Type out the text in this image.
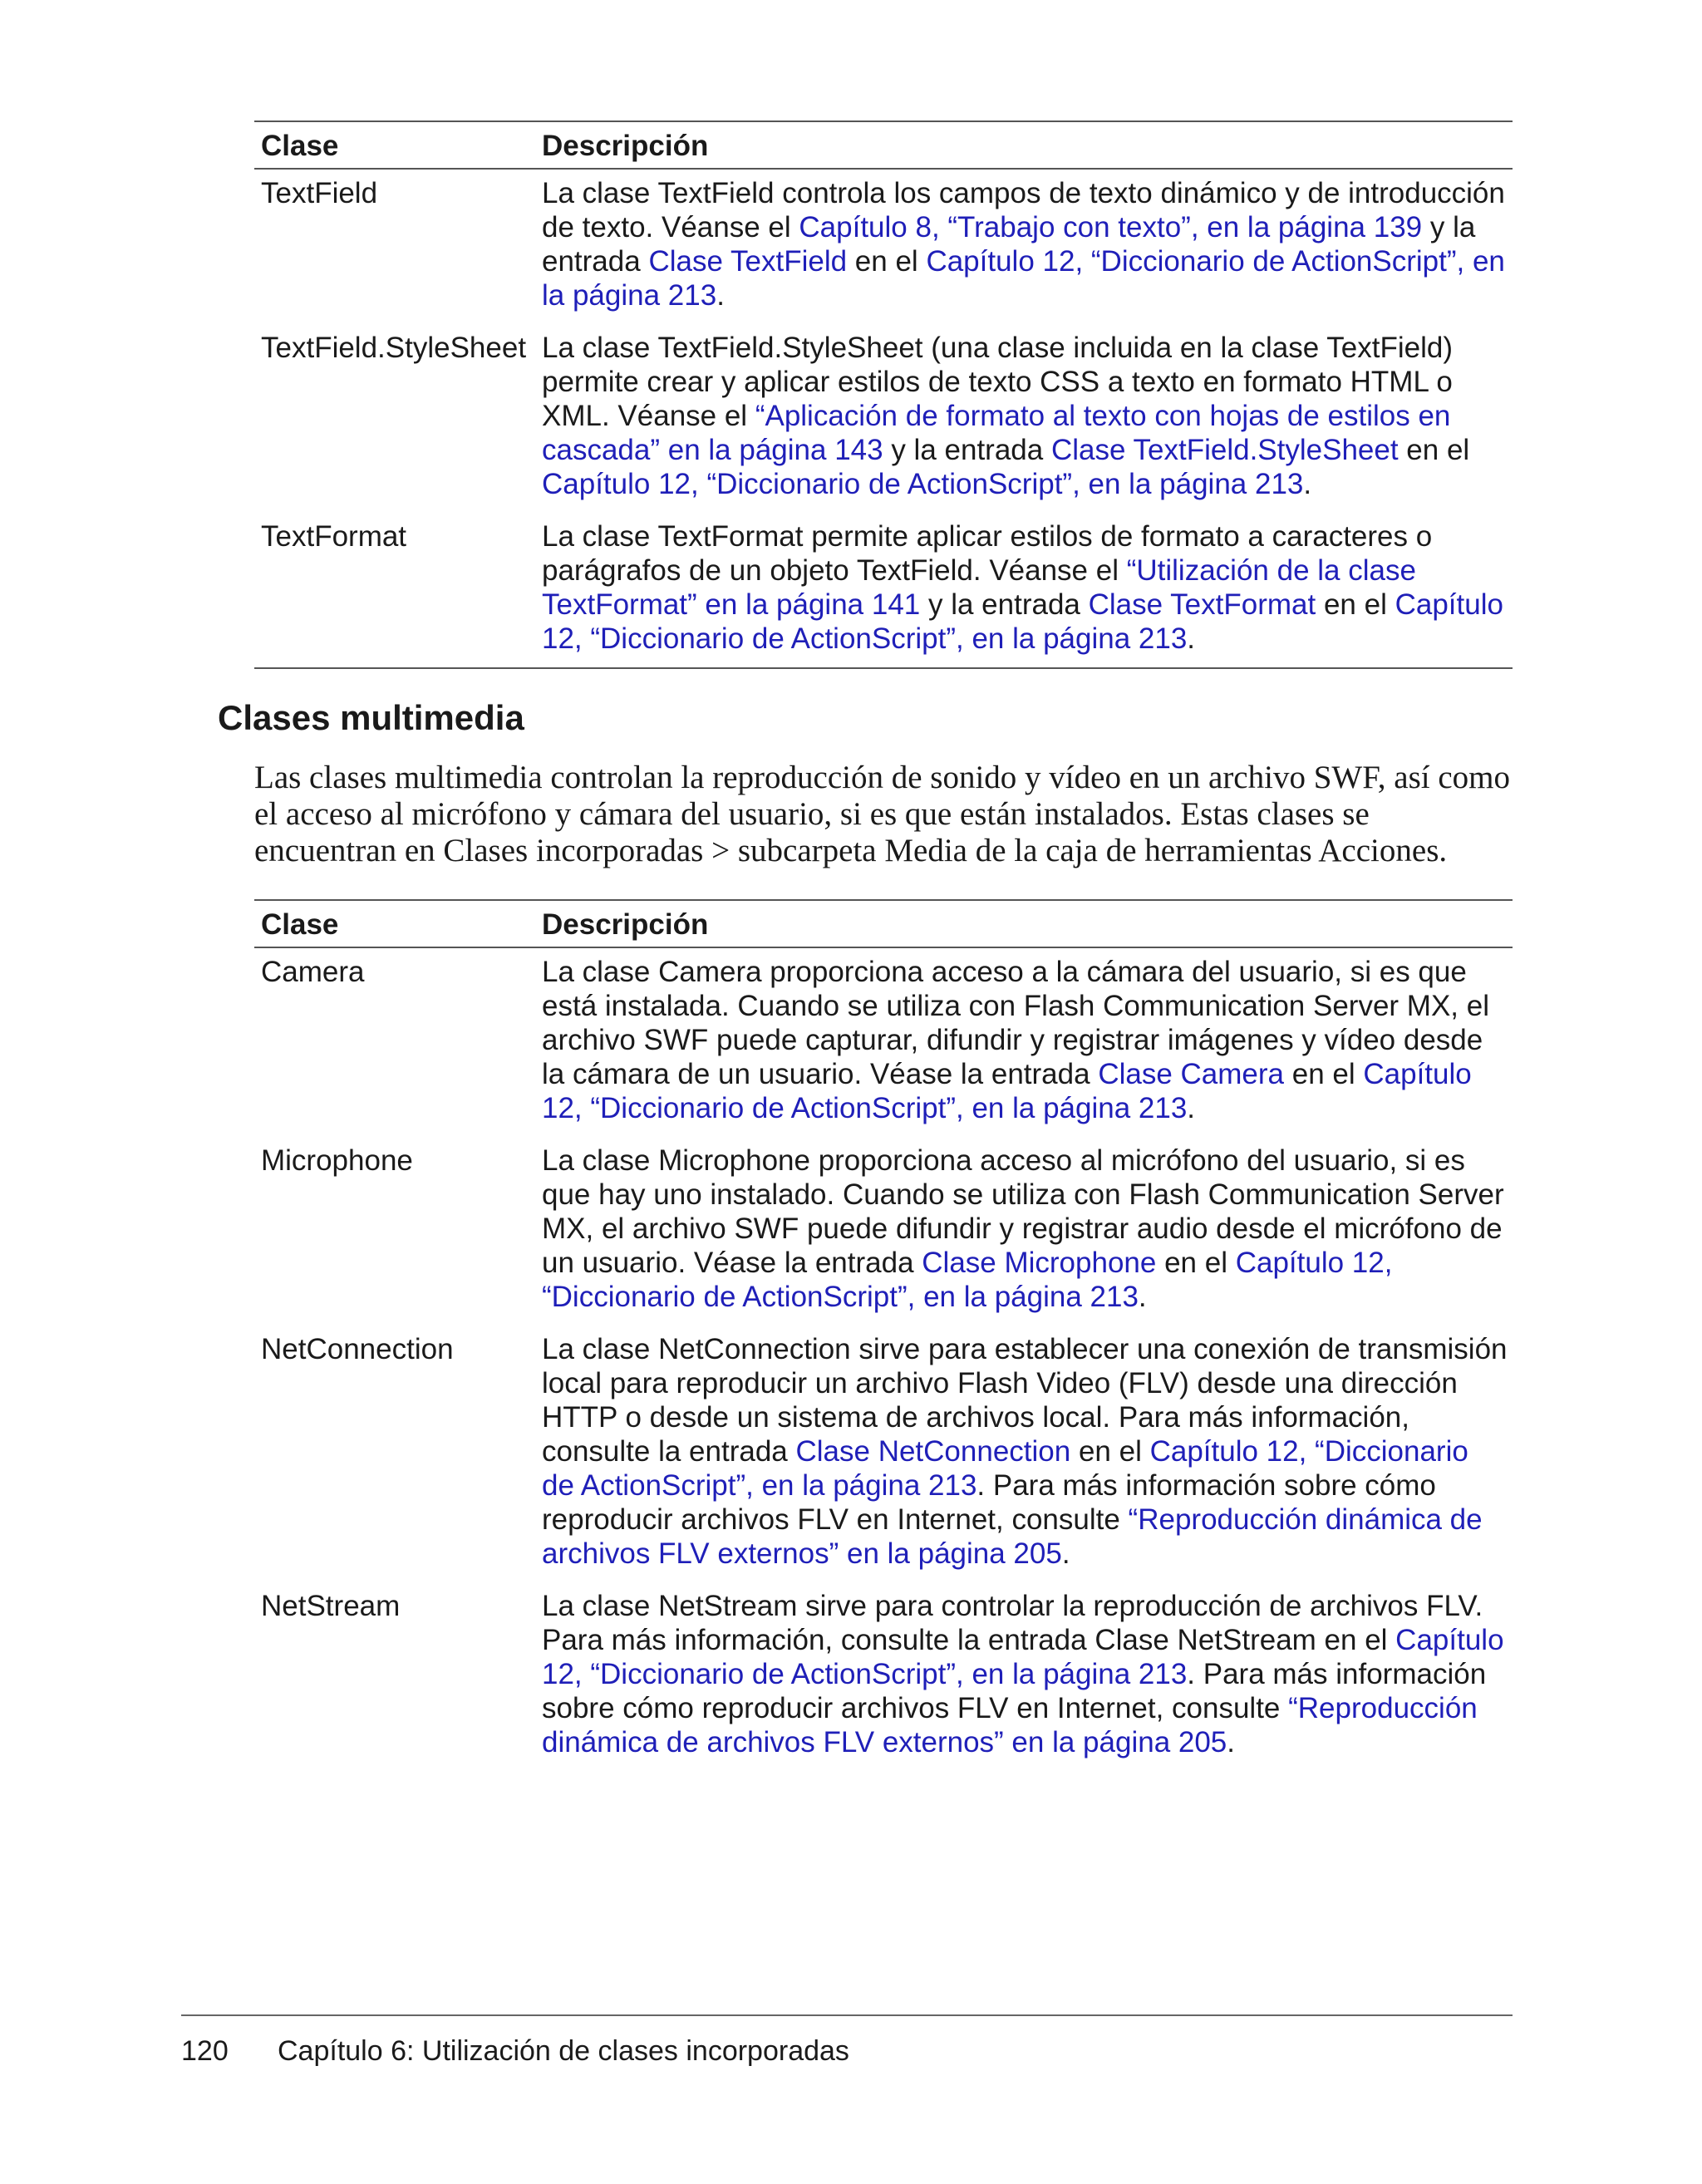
Clase	Descripción
TextField	La clase TextField controla los campos de texto dinámico y de introducción de texto. Véanse el Capítulo 8, “Trabajo con texto”, en la página 139 y la entrada Clase TextField en el Capítulo 12, “Diccionario de ActionScript”, en la página 213.
TextField.StyleSheet	La clase TextField.StyleSheet (una clase incluida en la clase TextField) permite crear y aplicar estilos de texto CSS a texto en formato HTML o XML. Véanse el “Aplicación de formato al texto con hojas de estilos en cascada” en la página 143 y la entrada Clase TextField.StyleSheet en el Capítulo 12, “Diccionario de ActionScript”, en la página 213.
TextFormat	La clase TextFormat permite aplicar estilos de formato a caracteres o parágrafos de un objeto TextField. Véanse el “Utilización de la clase TextFormat” en la página 141 y la entrada Clase TextFormat en el Capítulo 12, “Diccionario de ActionScript”, en la página 213.
Clases multimedia

Las clases multimedia controlan la reproducción de sonido y vídeo en un archivo SWF, así como el acceso al micrófono y cámara del usuario, si es que están instalados. Estas clases se encuentran en Clases incorporadas > subcarpeta Media de la caja de herramientas Acciones.

Clase	Descripción
Camera	La clase Camera proporciona acceso a la cámara del usuario, si es que está instalada. Cuando se utiliza con Flash Communication Server MX, el archivo SWF puede capturar, difundir y registrar imágenes y vídeo desde la cámara de un usuario. Véase la entrada Clase Camera en el Capítulo 12, “Diccionario de ActionScript”, en la página 213.
Microphone	La clase Microphone proporciona acceso al micrófono del usuario, si es que hay uno instalado. Cuando se utiliza con Flash Communication Server MX, el archivo SWF puede difundir y registrar audio desde el micrófono de un usuario. Véase la entrada Clase Microphone en el Capítulo 12, “Diccionario de ActionScript”, en la página 213.
NetConnection	La clase NetConnection sirve para establecer una conexión de transmisión local para reproducir un archivo Flash Video (FLV) desde una dirección HTTP o desde un sistema de archivos local. Para más información, consulte la entrada Clase NetConnection en el Capítulo 12, “Diccionario de ActionScript”, en la página 213. Para más información sobre cómo reproducir archivos FLV en Internet, consulte “Reproducción dinámica de archivos FLV externos” en la página 205.
NetStream	La clase NetStream sirve para controlar la reproducción de archivos FLV. Para más información, consulte la entrada Clase NetStream en el Capítulo 12, “Diccionario de ActionScript”, en la página 213. Para más información sobre cómo reproducir archivos FLV en Internet, consulte “Reproducción dinámica de archivos FLV externos” en la página 205.
120 Capítulo 6: Utilización de clases incorporadas
